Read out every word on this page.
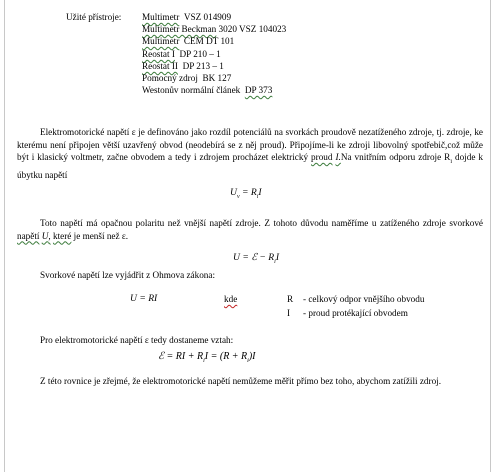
Užité přístroje: Multimetr VSZ 014909
Multimetr Beckman 3020 VSZ 104023
Multimetr CEM DT 101
Reostat I DP 210 – 1
Reostat II DP 213 – 1
Pomocný zdroj BK 127
Westonův normální článek DP 373
Elektromotorické napětí ε je definováno jako rozdíl potenciálů na svorkách proudově nezatíženého zdroje, tj. zdroje, ke kterému není připojen větší uzavřený obvod (neodebírá se z něj proud). Připojíme-li ke zdroji libovolný spotřebič,což může být i klasický voltmetr, začne obvodem a tedy i zdrojem procházet elektrický proud I.Na vnitřním odporu zdroje $R_i$ dojde k úbytku napětí
$U_v = R_iI$
Toto napětí má opačnou polaritu než vnější napětí zdroje. Z tohoto důvodu naměříme u zatíženého zdroje svorkové napětí U, které je menší než ε.
U = ℰ − $R_iI$
Svorkové napětí lze vyjádřit z Ohmova zákona:
U = RI	kde	R - celkový odpor vnějšího obvodu
I - proud protékající obvodem
Pro elektromotorické napětí ε tedy dostaneme vztah:
ℰ = RI + $R_iI = (R + R_i)I$
Z této rovnice je zřejmé, že elektromotorické napětí nemůžeme měřit přímo bez toho, abychom zatížili zdroj.
